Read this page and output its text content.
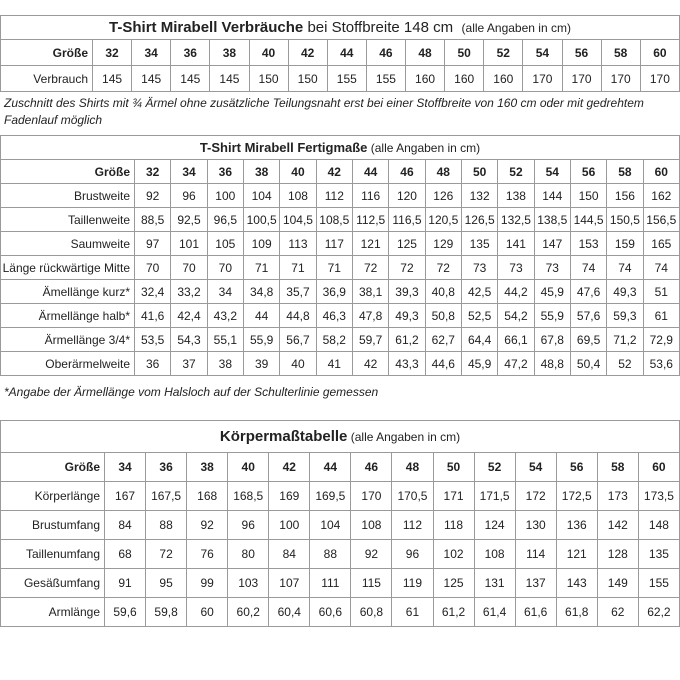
T-Shirt Mirabell Verbräuche bei Stoffbreite 148 cm (alle Angaben in cm)
Größe	32	34	36	38	40	42	44	46	48	50	52	54	56	58	60
Verbrauch	145	145	145	145	150	150	155	155	160	160	160	170	170	170	170
Zuschnitt des Shirts mit ¾ Ärmel ohne zusätzliche Teilungsnaht erst bei einer Stoffbreite von 160 cm oder mit gedrehtem Fadenlauf möglich
T-Shirt Mirabell Fertigmaße (alle Angaben in cm)
Größe	32	34	36	38	40	42	44	46	48	50	52	54	56	58	60
Brustweite	92	96	100	104	108	112	116	120	126	132	138	144	150	156	162
Taillenweite	88,5	92,5	96,5	100,5	104,5	108,5	112,5	116,5	120,5	126,5	132,5	138,5	144,5	150,5	156,5
Saumweite	97	101	105	109	113	117	121	125	129	135	141	147	153	159	165
Länge rückwärtige Mitte	70	70	70	71	71	71	72	72	72	73	73	73	74	74	74
Ämellänge kurz*	32,4	33,2	34	34,8	35,7	36,9	38,1	39,3	40,8	42,5	44,2	45,9	47,6	49,3	51
Ärmellänge halb*	41,6	42,4	43,2	44	44,8	46,3	47,8	49,3	50,8	52,5	54,2	55,9	57,6	59,3	61
Ärmellänge 3/4*	53,5	54,3	55,1	55,9	56,7	58,2	59,7	61,2	62,7	64,4	66,1	67,8	69,5	71,2	72,9
Oberärmelweite	36	37	38	39	40	41	42	43,3	44,6	45,9	47,2	48,8	50,4	52	53,6
*Angabe der Ärmellänge vom Halsloch auf der Schulterlinie gemessen
Körpermaßtabelle (alle Angaben in cm)
Größe	34	36	38	40	42	44	46	48	50	52	54	56	58	60
Körperlänge	167	167,5	168	168,5	169	169,5	170	170,5	171	171,5	172	172,5	173	173,5
Brustumfang	84	88	92	96	100	104	108	112	118	124	130	136	142	148
Taillenumfang	68	72	76	80	84	88	92	96	102	108	114	121	128	135
Gesäßumfang	91	95	99	103	107	111	115	119	125	131	137	143	149	155
Armlänge	59,6	59,8	60	60,2	60,4	60,6	60,8	61	61,2	61,4	61,6	61,8	62	62,2
